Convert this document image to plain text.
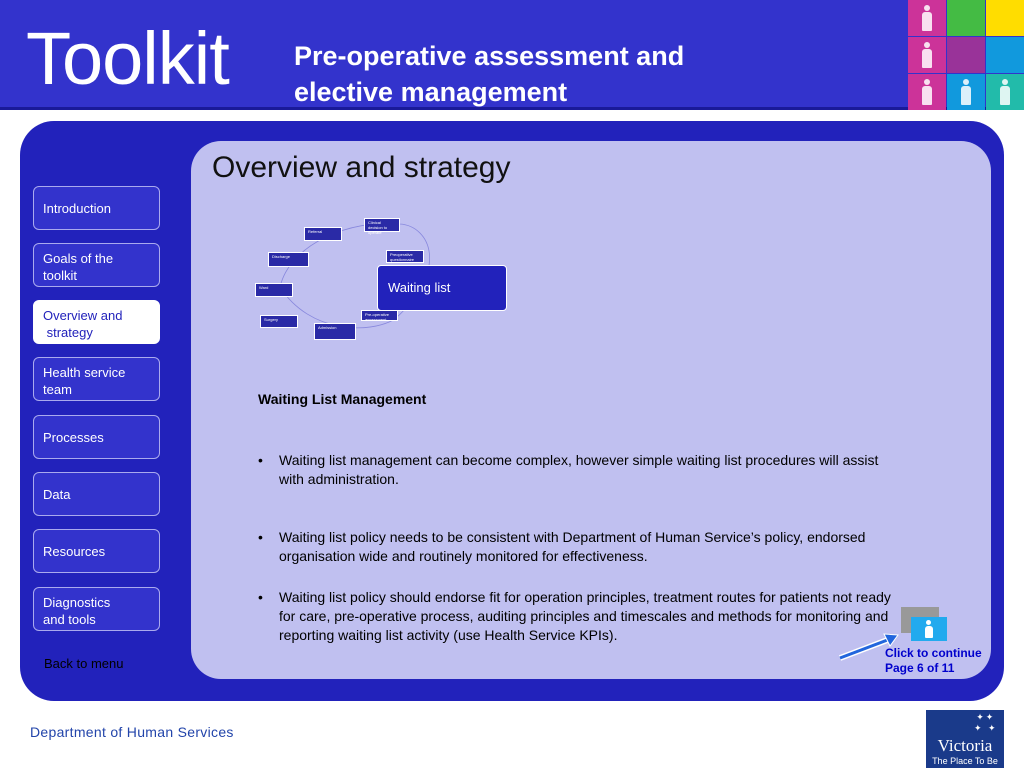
Toolkit Pre-operative assessment and
elective management
Introduction
Goals of the
toolkit
Overview and
strategy
Health service
team
Processes
Data
Resources
Diagnostics
and tools
Back to menu
Overview and strategy
Clinical decision to operate
Preoperative questionnaire
Waiting list
Pre-operative assessment
Admission
Surgery
Ward
Discharge
Referral
Waiting List Management
• Waiting list management can become complex, however simple waiting list procedures will assist with administration.
• Waiting list policy needs to be consistent with Department of Human Service’s policy, endorsed organisation wide and routinely monitored for effectiveness.
• Waiting list policy should endorse fit for operation principles, treatment routes for patients not ready for care, pre-operative process, auditing principles and timescales and methods for monitoring and reporting waiting list activity (use Health Service KPIs).
Click to continue
Page 6 of 11
Department of Human Services
✦✦
✦ ✦
Victoria
The Place To Be
